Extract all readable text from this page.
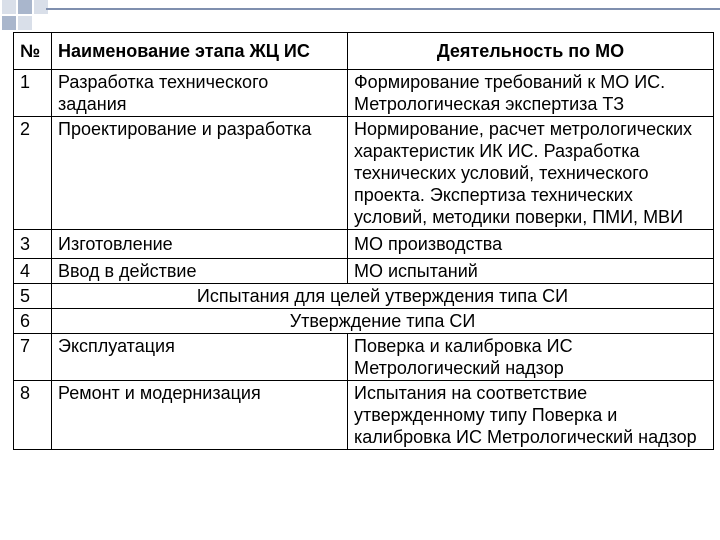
№	Наименование этапа ЖЦ ИС	Деятельность по МО
1	Разработка технического задания	Формирование требований к МО ИС. Метрологическая экспертиза ТЗ
2	Проектирование и разработка	Нормирование, расчет метрологических характеристик ИК ИС. Разработка технических условий, технического проекта. Экспертиза технических условий, методики поверки, ПМИ, МВИ
3	Изготовление	МО производства
4	Ввод в действие	МО испытаний
5	Испытания для целей утверждения типа СИ	
6	Утверждение типа СИ	
7	Эксплуатация	Поверка и калибровка ИС Метрологический надзор
8	Ремонт и модернизация	Испытания на соответствие утвержденному типу Поверка и калибровка ИС Метрологический надзор
